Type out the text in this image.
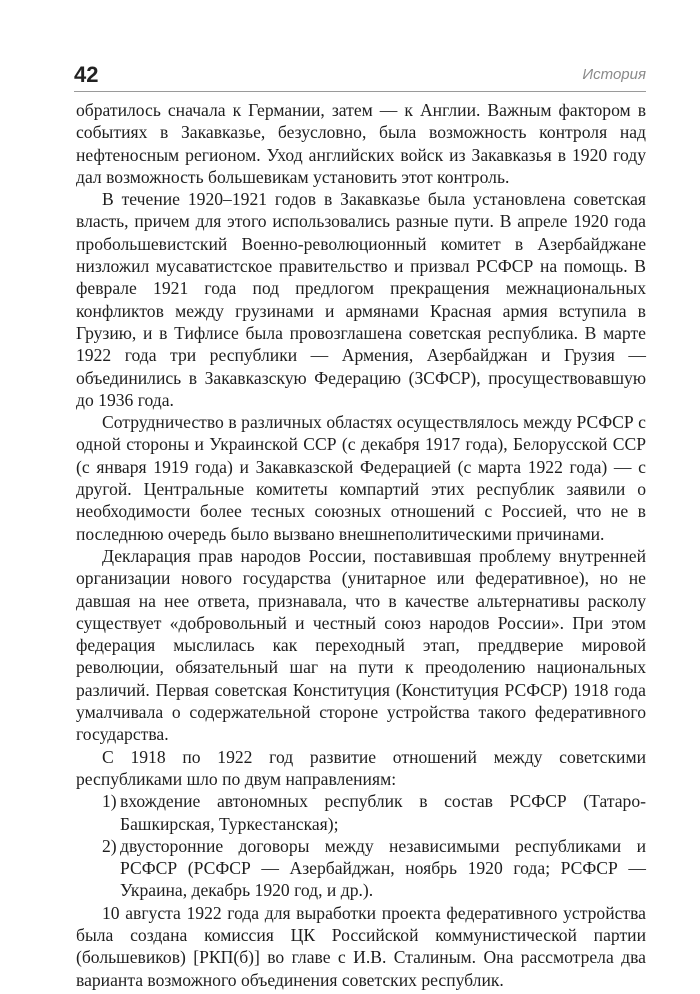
42	История

обратилось сначала к Германии, затем — к Англии. Важным фактором в событиях в Закавказье, безусловно, была возможность контроля над нефтеносным регионом. Уход английских войск из Закавказья в 1920 году дал возможность большевикам установить этот контроль.

В течение 1920–1921 годов в Закавказье была установлена советская власть, причем для этого использовались разные пути. В апреле 1920 года пробольшевистский Военно-революционный комитет в Азербайджане низложил мусаватистское правительство и призвал РСФСР на помощь. В феврале 1921 года под предлогом прекращения межнациональных конфликтов между грузинами и армянами Красная армия вступила в Грузию, и в Тифлисе была провозглашена советская республика. В марте 1922 года три республики — Армения, Азербайджан и Грузия — объединились в Закавказскую Федерацию (ЗСФСР), просуществовавшую до 1936 года.

Сотрудничество в различных областях осуществлялось между РСФСР с одной стороны и Украинской ССР (с декабря 1917 года), Белорусской ССР (с января 1919 года) и Закавказской Федерацией (с марта 1922 года) — с другой. Центральные комитеты компартий этих республик заявили о необходимости более тесных союзных отношений с Россией, что не в последнюю очередь было вызвано внешнеполитическими причинами.

Декларация прав народов России, поставившая проблему внутренней организации нового государства (унитарное или федеративное), но не давшая на нее ответа, признавала, что в качестве альтернативы расколу существует «добровольный и честный союз народов России». При этом федерация мыслилась как переходный этап, преддверие мировой революции, обязательный шаг на пути к преодолению национальных различий. Первая советская Конституция (Конституция РСФСР) 1918 года умалчивала о содержательной стороне устройства такого федеративного государства.

С 1918 по 1922 год развитие отношений между советскими республиками шло по двум направлениям:

1) вхождение автономных республик в состав РСФСР (Татаро-Башкирская, Туркестанская);
2) двусторонние договоры между независимыми республиками и РСФСР (РСФСР — Азербайджан, ноябрь 1920 года; РСФСР — Украина, декабрь 1920 год, и др.).

10 августа 1922 года для выработки проекта федеративного устройства была создана комиссия ЦК Российской коммунистической партии (большевиков) [РКП(б)] во главе с И.В. Сталиным. Она рассмотрела два варианта возможного объединения советских республик.
